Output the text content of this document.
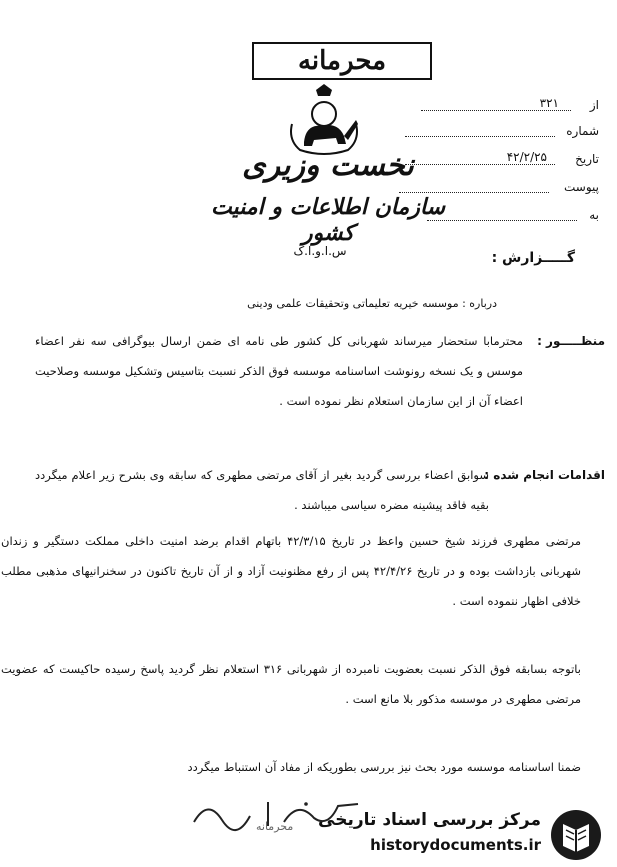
محرمانه
نخست وزیری
سازمان اطلاعات و امنیت کشور
س.ا.و.ا.ک
از
۳۲۱
شماره
تاریخ
۴۲/۲/۲۵
پیوست
به
گـــــزارش :
درباره : موسسه خیریه تعلیماتی وتحقیقات علمی ودینی
منظـــــور :
محترمابا ستحضار میرساند شهربانی کل کشور طی نامه ای ضمن ارسال بیوگرافی سه نفر اعضاء موسس و یک نسخه رونوشت اساسنامه موسسه فوق الذکر نسبت بتاسیس وتشکیل موسسه وصلاحیت اعضاء آن از این سازمان استعلام نظر نموده است .
اقدامات انجام شده :
سوابق اعضاء بررسی گردید بغیر از آقای مرتضی مطهری که سابقه وی بشرح زیر اعلام میگردد بقیه فاقد پیشینه مضره سیاسی میباشند .
مرتضی مطهری فرزند شیخ حسین واعظ در تاریخ ۴۲/۳/۱۵ باتهام اقدام برضد امنیت داخلی مملکت دستگیر و زندان شهربانی بازداشت بوده و در تاریخ ۴۲/۴/۲۶ پس از رفع مظنونیت آزاد و از آن تاریخ تاکنون در سخنرانیهای مذهبی مطلب خلافی اظهار ننموده است .
باتوجه بسابقه فوق الذکر نسبت بعضویت نامبرده از شهربانی ۳۱۶ استعلام نظر گردید پاسخ رسیده حاکیست که عضویت مرتضی مطهری در موسسه مذکور بلا مانع است .
ضمنا اساسنامه موسسه مورد بحث نیز بررسی بطوریکه از مفاد آن استنباط میگردد
محرمانه مرکز بررسی اسناد تاریخی
historydocuments.ir
